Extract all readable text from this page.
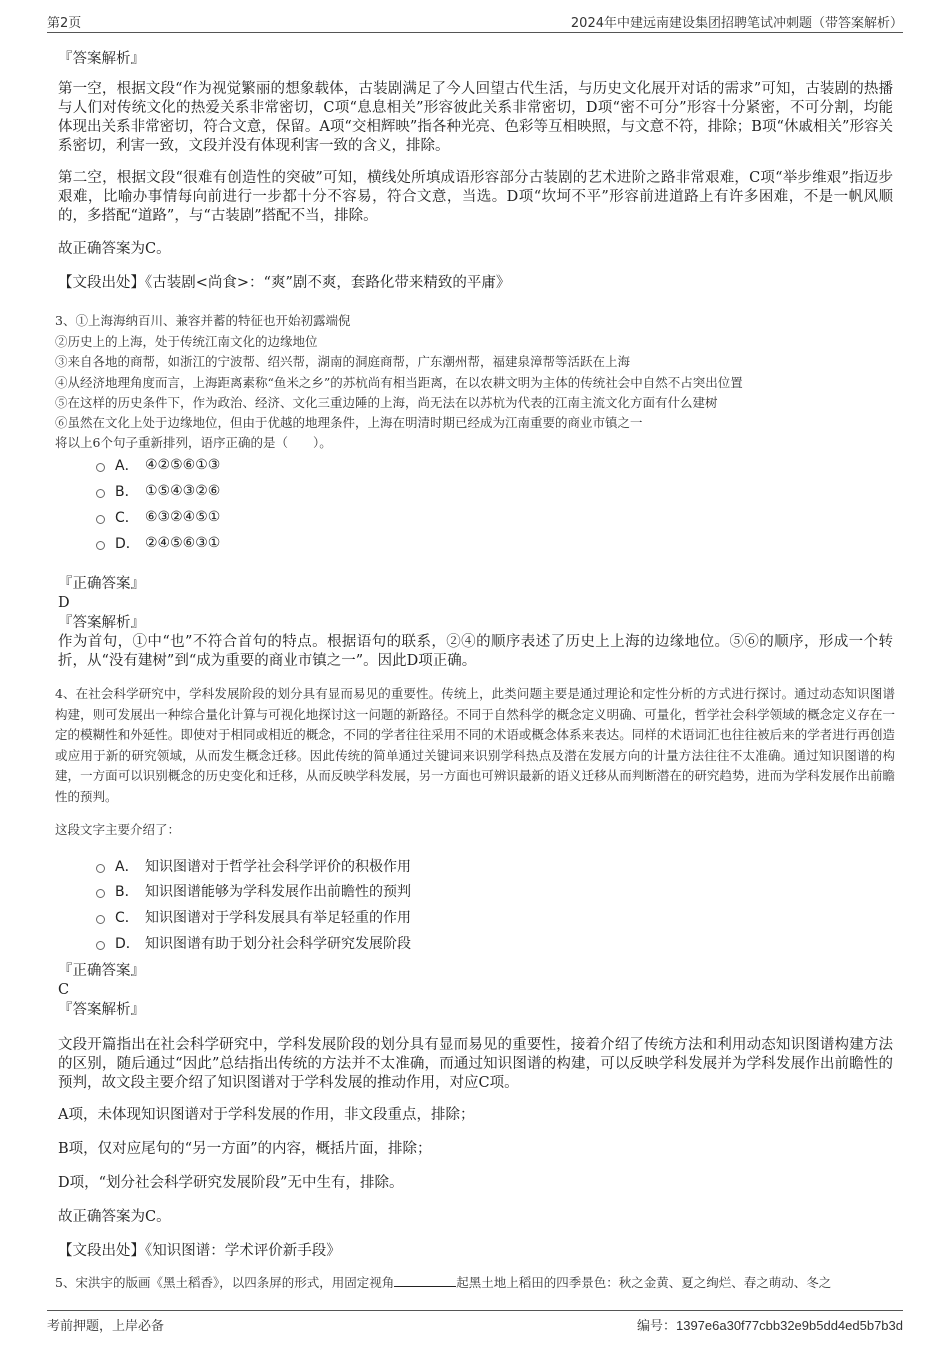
第2页	2024年中建远南建设集团招聘笔试冲刺题（带答案解析）

『答案解析』

第一空，根据文段“作为视觉繁丽的想象载体，古装剧满足了今人回望古代生活，与历史文化展开对话的需求”可知，古装剧的热播与人们对传统文化的热爱关系非常密切，C项“息息相关”形容彼此关系非常密切，D项“密不可分”形容十分紧密，不可分割，均能体现出关系非常密切，符合文意，保留。A项“交相辉映”指各种光亮、色彩等互相映照，与文意不符，排除；B项“休戚相关”形容关系密切，利害一致，文段并没有体现利害一致的含义，排除。

第二空，根据文段“很难有创造性的突破”可知，横线处所填成语形容部分古装剧的艺术进阶之路非常艰难，C项“举步维艰”指迈步艰难，比喻办事情每向前进行一步都十分不容易，符合文意，当选。D项“坎坷不平”形容前进道路上有许多困难，不是一帆风顺的，多搭配“道路”，与“古装剧”搭配不当，排除。

故正确答案为C。

【文段出处】《古装剧<尚食>：“爽”剧不爽，套路化带来精致的平庸》

3、①上海海纳百川、兼容并蓄的特征也开始初露端倪

②历史上的上海，处于传统江南文化的边缘地位

③来自各地的商帮，如浙江的宁波帮、绍兴帮，湖南的洞庭商帮，广东潮州帮，福建泉漳帮等活跃在上海

④从经济地理角度而言，上海距离素称“鱼米之乡”的苏杭尚有相当距离，在以农耕文明为主体的传统社会中自然不占突出位置

⑤在这样的历史条件下，作为政治、经济、文化三重边陲的上海，尚无法在以苏杭为代表的江南主流文化方面有什么建树

⑥虽然在文化上处于边缘地位，但由于优越的地理条件，上海在明清时期已经成为江南重要的商业市镇之一

将以上6个句子重新排列，语序正确的是（　　）。

A． ④②⑤⑥①③
B． ①⑤④③②⑥
C． ⑥③②④⑤①
D． ②④⑤⑥③①

『正确答案』

D

『答案解析』

作为首句，①中“也”不符合首句的特点。根据语句的联系，②④的顺序表述了历史上上海的边缘地位。⑤⑥的顺序，形成一个转折，从“没有建树”到“成为重要的商业市镇之一”。因此D项正确。

4、在社会科学研究中，学科发展阶段的划分具有显而易见的重要性。传统上，此类问题主要是通过理论和定性分析的方式进行探讨。通过动态知识图谱构建，则可发展出一种综合量化计算与可视化地探讨这一问题的新路径。不同于自然科学的概念定义明确、可量化，哲学社会科学领域的概念定义存在一定的模糊性和外延性。即使对于相同或相近的概念，不同的学者往往采用不同的术语或概念体系来表达。同样的术语词汇也往往被后来的学者进行再创造或应用于新的研究领域，从而发生概念迁移。因此传统的简单通过关键词来识别学科热点及潜在发展方向的计量方法往往不太准确。通过知识图谱的构建，一方面可以识别概念的历史变化和迁移，从而反映学科发展，另一方面也可辨识最新的语义迁移从而判断潜在的研究趋势，进而为学科发展作出前瞻性的预判。

这段文字主要介绍了：

A． 知识图谱对于哲学社会科学评价的积极作用
B． 知识图谱能够为学科发展作出前瞻性的预判
C． 知识图谱对于学科发展具有举足轻重的作用
D． 知识图谱有助于划分社会科学研究发展阶段

『正确答案』

C

『答案解析』

文段开篇指出在社会科学研究中，学科发展阶段的划分具有显而易见的重要性，接着介绍了传统方法和利用动态知识图谱构建方法的区别，随后通过“因此”总结指出传统的方法并不太准确，而通过知识图谱的构建，可以反映学科发展并为学科发展作出前瞻性的预判，故文段主要介绍了知识图谱对于学科发展的推动作用，对应C项。

A项，未体现知识图谱对于学科发展的作用，非文段重点，排除；

B项，仅对应尾句的“另一方面”的内容，概括片面，排除；

D项，“划分社会科学研究发展阶段”无中生有，排除。

故正确答案为C。

【文段出处】《知识图谱：学术评价新手段》

5、宋洪宇的版画《黑土稻香》，以四条屏的形式，用固定视角	起黑土地上稻田的四季景色：秋之金黄、夏之绚烂、春之萌动、冬之

考前押题，上岸必备	编号：1397e6a30f77cbb32e9b5dd4ed5b7b3d
